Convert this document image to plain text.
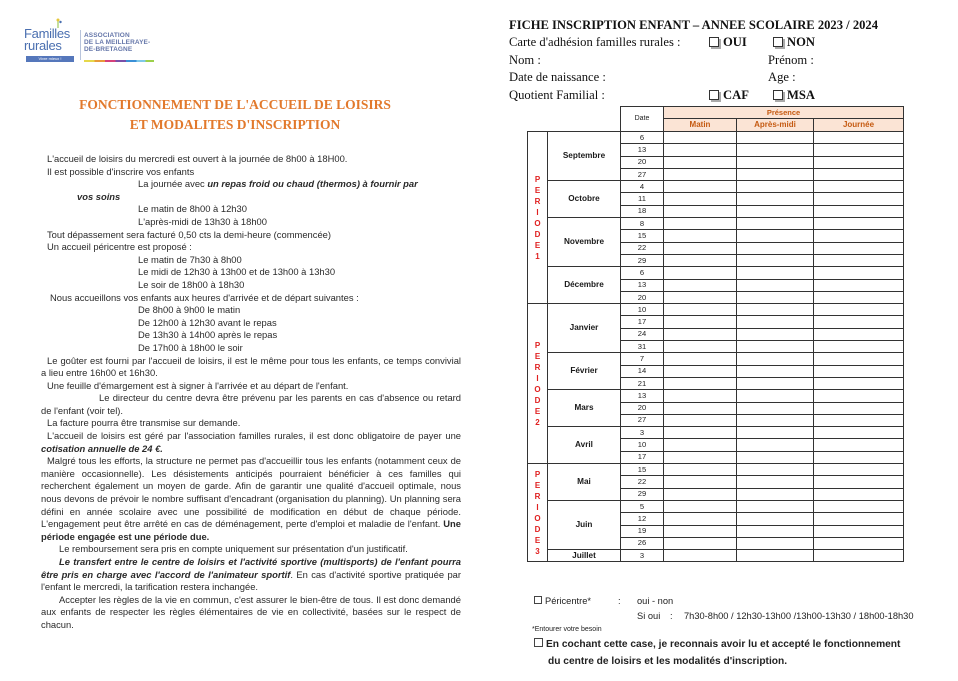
Familles
rurales
Vivre mieux !
ASSOCIATION
DE LA MEILLERAYE-
DE-BRETAGNE
FONCTIONNEMENT DE L'ACCUEIL DE LOISIRS
ET MODALITES D'INSCRIPTION
L'accueil de loisirs du mercredi est ouvert à la journée de 8h00 à 18H00.
Il est possible d'inscrire vos enfants
La journée avec un repas froid ou chaud (thermos) à fournir par
vos soins
Le matin de 8h00 à 12h30
L'après-midi de 13h30 à 18h00
Tout dépassement sera facturé 0,50 cts la demi-heure (commencée)
Un accueil péricentre est proposé :
Le matin de 7h30 à 8h00
Le midi de 12h30 à 13h00 et de 13h00 à 13h30
Le soir de 18h00 à 18h30
Nous accueillons vos enfants aux heures d'arrivée et de départ suivantes :
De 8h00 à 9h00 le matin
De 12h00 à 12h30 avant le repas
De 13h30 à 14h00 après le repas
De 17h00 à 18h00 le soir
Le goûter est fourni par l'accueil de loisirs, il est le même pour tous les enfants, ce temps convivial a lieu entre 16h00 et 16h30.
Une feuille d'émargement est à signer à l'arrivée et au départ de l'enfant.
Le directeur du centre devra être prévenu par les parents en cas d'absence ou retard de l'enfant (voir tel).
La facture pourra être transmise sur demande.
L'accueil de loisirs est géré par l'association familles rurales, il est donc obligatoire de payer une cotisation annuelle de 24 €.
Malgré tous les efforts, la structure ne permet pas d'accueillir tous les enfants (notamment ceux de manière occasionnelle). Les désistements anticipés pourraient bénéficier à ces familles qui recherchent également un moyen de garde. Afin de garantir une qualité d'accueil optimale, nous nous devons de prévoir le nombre suffisant d'encadrant (organisation du planning). Un planning sera défini en année scolaire avec une possibilité de modification en début de chaque période. L'engagement peut être arrêté en cas de déménagement, perte d'emploi et maladie de l'enfant. Une période engagée est une période due.
Le remboursement sera pris en compte uniquement sur présentation d'un justificatif.
Le transfert entre le centre de loisirs et l'activité sportive (multisports) de l'enfant pourra être pris en charge avec l'accord de l'animateur sportif. En cas d'activité sportive pratiquée par l'enfant le mercredi, la tarification restera inchangée.
Accepter les règles de la vie en commun, c'est assurer le bien-être de tous. Il est donc demandé aux enfants de respecter les règles élémentaires de vie en collectivité, basées sur le respect de chacun.
FICHE INSCRIPTION ENFANT – ANNEE SCOLAIRE 2023 / 2024
Carte d'adhésion familles rurales :	OUI	NON
Nom :	Prénom :
Date de naissance :	Age :
Quotient Familial :	CAF	MSA
		Date	Présence		
			Matin	Après-midi	Journée

P
E
R
I
O
D
E
1
	Septembre	6			
		13			
		20			
		27			
	Octobre	4			
		11			
		18			
	Novembre	8			
		15			
		22			
		29			
	Décembre	6			
		13			
		20			

P
E
R
I
O
D
E
2
	Janvier	10			
		17			
		24			
		31			
	Février	7			
		14			
		21			
	Mars	13			
		20			
		27			
	Avril	3			
		10			
		17			

P
E
R
I
O
D
E
3
	Mai	15			
		22			
		29			
	Juin	5			
		12			
		19			
		26			
	Juillet	3			
Péricentre*	: oui - non
Si oui : 7h30-8h00 / 12h30-13h00 /13h00-13h30 / 18h00-18h30
*Entourer votre besoin
En cochant cette case, je reconnais avoir lu et accepté le fonctionnement
du centre de loisirs et les modalités d'inscription.
